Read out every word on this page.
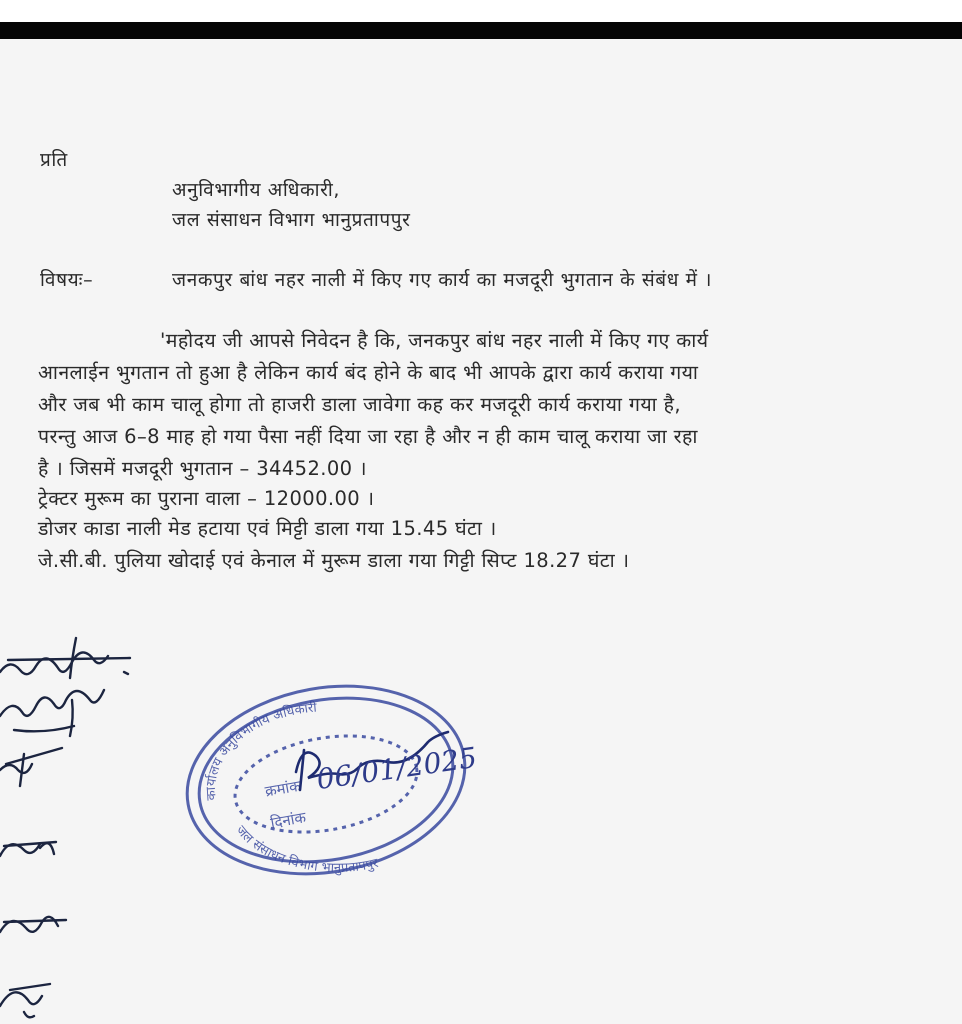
प्रति
अनुविभागीय अधिकारी,
जल संसाधन विभाग भानुप्रतापपुर
विषयः–	जनकपुर बांध नहर नाली में किए गए कार्य का मजदूरी भुगतान के संबंध में ।
'महोदय जी आपसे निवेदन है कि, जनकपुर बांध नहर नाली में किए गए कार्य
आनलाईन भुगतान तो हुआ है लेकिन कार्य बंद होने के बाद भी आपके द्वारा कार्य कराया गया
और जब भी काम चालू होगा तो हाजरी डाला जावेगा कह कर मजदूरी कार्य कराया गया है,
परन्तु आज 6–8 माह हो गया पैसा नहीं दिया जा रहा है और न ही काम चालू कराया जा रहा
है । जिसमें मजदूरी भुगतान – 34452.00 ।
ट्रेक्टर मुरूम का पुराना वाला – 12000.00 ।
डोजर काडा नाली मेड हटाया एवं मिट्टी डाला गया 15.45 घंटा ।
जे.सी.बी. पुलिया खोदाई एवं केनाल में मुरूम डाला गया गिट्टी सिप्ट 18.27 घंटा ।
कार्यालय अनुविभागीय अधिकारी
जल संसाधन विभाग भानुप्रतापपुर
क्रमांक
दिनांक
06/01/2025
